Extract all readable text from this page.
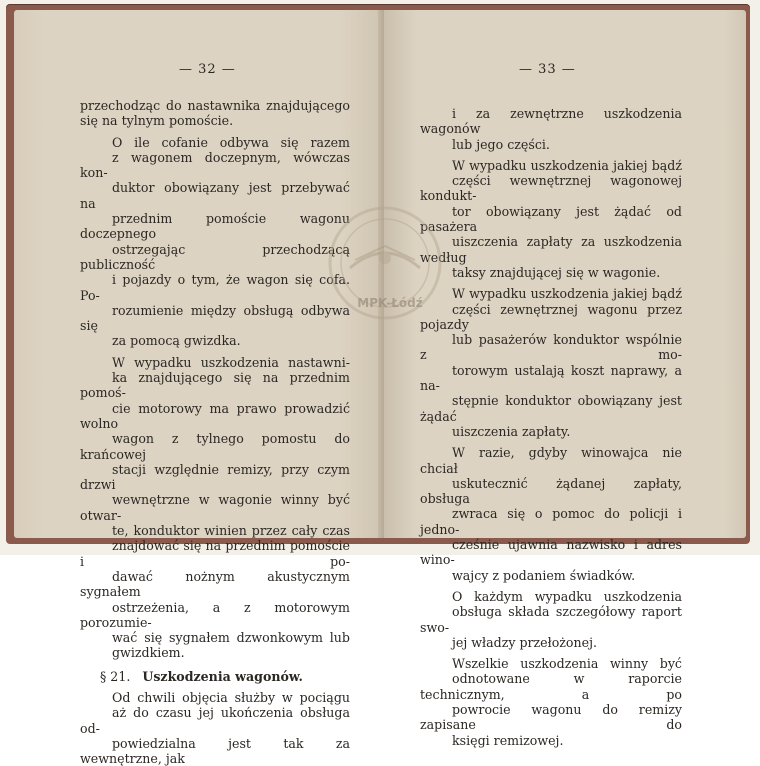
— 32 —

przechodząc do nastawnika znajdującego
się na tylnym pomoście.

O ile cofanie odbywa się razem
z wagonem doczepnym, wówczas kon-
duktor obowiązany jest przebywać na
przednim pomoście wagonu doczepnego
ostrzegając przechodzącą publiczność
i pojazdy o tym, że wagon się cofa. Po-
rozumienie między obsługą odbywa się
za pomocą gwizdka.

W wypadku uszkodzenia nastawni-
ka znajdującego się na przednim pomoś-
cie motorowy ma prawo prowadzić wolno
wagon z tylnego pomostu do krańcowej
stacji względnie remizy, przy czym drzwi
wewnętrzne w wagonie winny być otwar-
te, konduktor winien przez cały czas
znajdować się na przednim pomoście i po-
dawać nożnym akustycznym sygnałem
ostrzeżenia, a z motorowym porozumie-
wać się sygnałem dzwonkowym lub
gwizdkiem.

§ 21. Uszkodzenia wagonów.

Od chwili objęcia służby w pociągu
aż do czasu jej ukończenia obsługa od-
powiedzialna jest tak za wewnętrzne, jak

— 33 —

i za zewnętrzne uszkodzenia wagonów
lub jego części.

W wypadku uszkodzenia jakiej bądź
części wewnętrznej wagonowej kondukt-
tor obowiązany jest żądać od pasażera
uiszczenia zapłaty za uszkodzenia według
taksy znajdującej się w wagonie.

W wypadku uszkodzenia jakiej bądź
części zewnętrznej wagonu przez pojazdy
lub pasażerów konduktor wspólnie z mo-
torowym ustalają koszt naprawy, a na-
stępnie konduktor obowiązany jest żądać
uiszczenia zapłaty.

W razie, gdyby winowajca nie chciał
uskutecznić żądanej zapłaty, obsługa
zwraca się o pomoc do policji i jedno-
cześnie ujawnia nazwisko i adres wino-
wajcy z podaniem świadków.

O każdym wypadku uszkodzenia
obsługa składa szczegółowy raport swo-
jej władzy przełożonej.

Wszelkie uszkodzenia winny być
odnotowane w raporcie technicznym, a po
powrocie wagonu do remizy zapisane do
księgi remizowej.

MPK-Łódź
